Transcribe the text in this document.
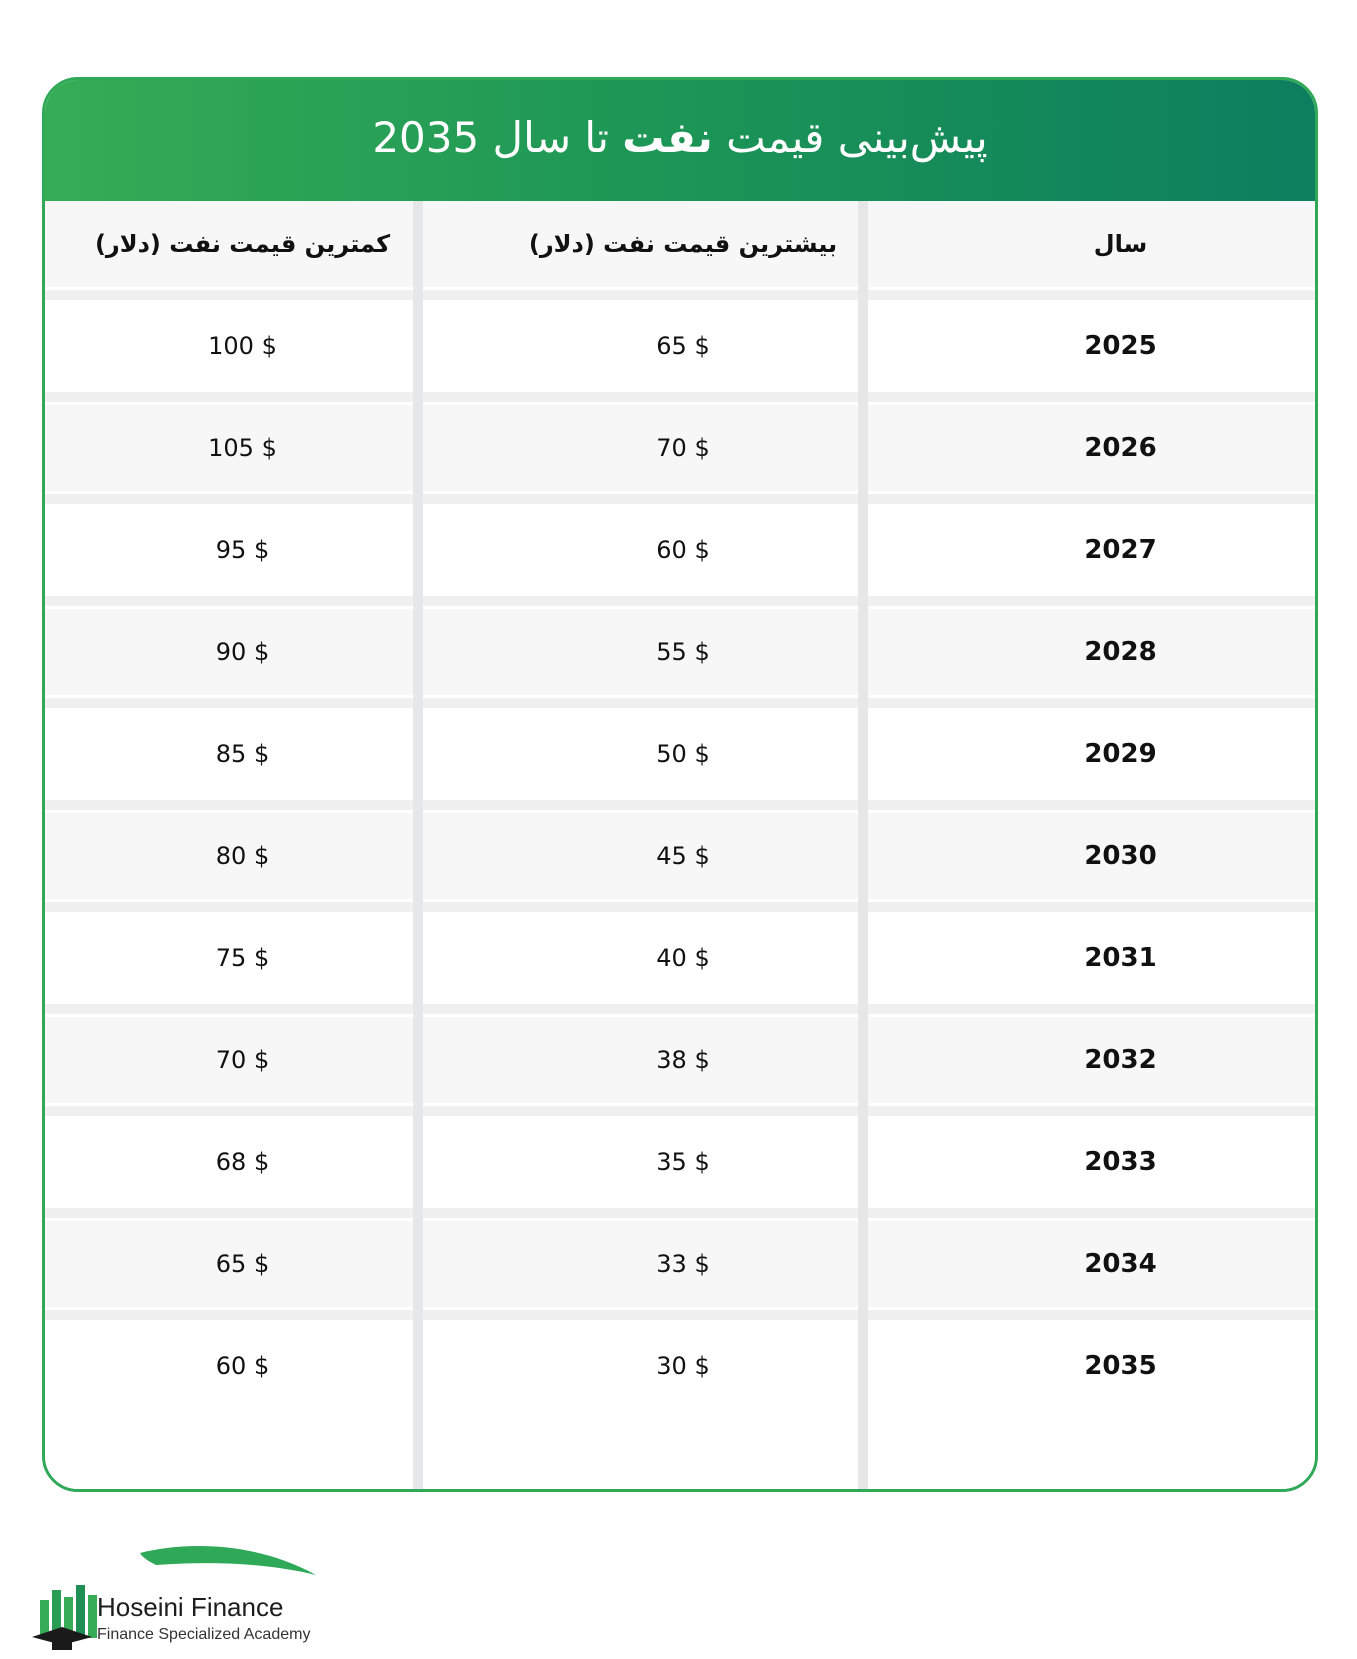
پیش‌بینی قیمت نفت تا سال 2035
سال
بیشترین قیمت نفت (دلار)
کمترین قیمت نفت (دلار)
2025
65 $
100 $
2026
70 $
105 $
2027
60 $
95 $
2028
55 $
90 $
2029
50 $
85 $
2030
45 $
80 $
2031
40 $
75 $
2032
38 $
70 $
2033
35 $
68 $
2034
33 $
65 $
2035
30 $
60 $
Hoseini Finance
Finance Specialized Academy
